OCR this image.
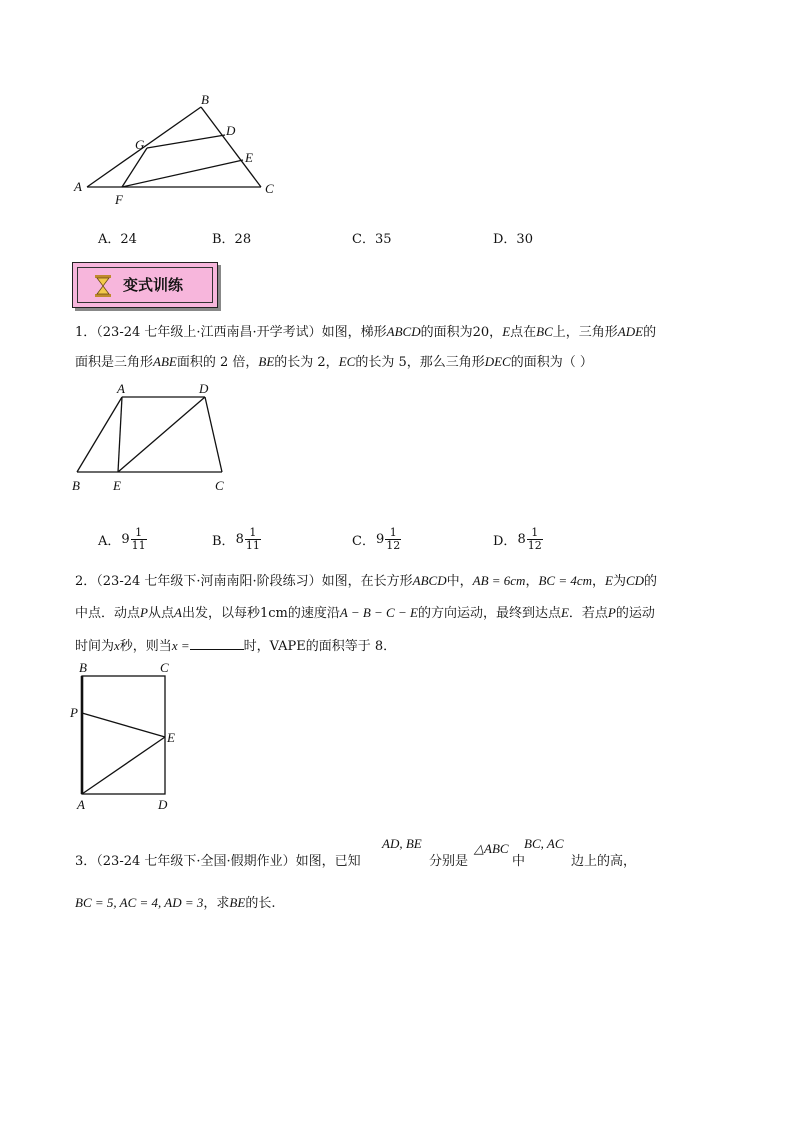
B
D
G
E
A
F
C
A．24	B．28	C．35	D．30
变式训练
1．（23-24 七年级上·江西南昌·开学考试）如图，梯形ABCD的面积为20，E点在BC上，三角形ADE的
面积是三角形ABE面积的 2 倍，BE的长为 2，EC的长为 5，那么三角形DEC的面积为（ ）
A	D
B	E	C
A．$9 \frac{1}{11}$	B．$8 \frac{1}{11}$	C．$9 \frac{1}{12}$	D．$8 \frac{1}{12}$
2．（23-24 七年级下·河南南阳·阶段练习）如图，在长方形ABCD中，AB = 6cm，BC = 4cm，E为CD的
中点．动点P从点A出发，以每秒1cm的速度沿A − B − C − E的方向运动，最终到达点E．若点P的运动
时间为x秒，则当x =	时，VAPE的面积等于 8．
B	C
P
E
A	D
3．（23-24 七年级下·全国·假期作业）如图，已知
AD, BE
分别是
△ABC
中
BC, AC
边上的高，
BC = 5, AC = 4, AD = 3，求BE的长.
